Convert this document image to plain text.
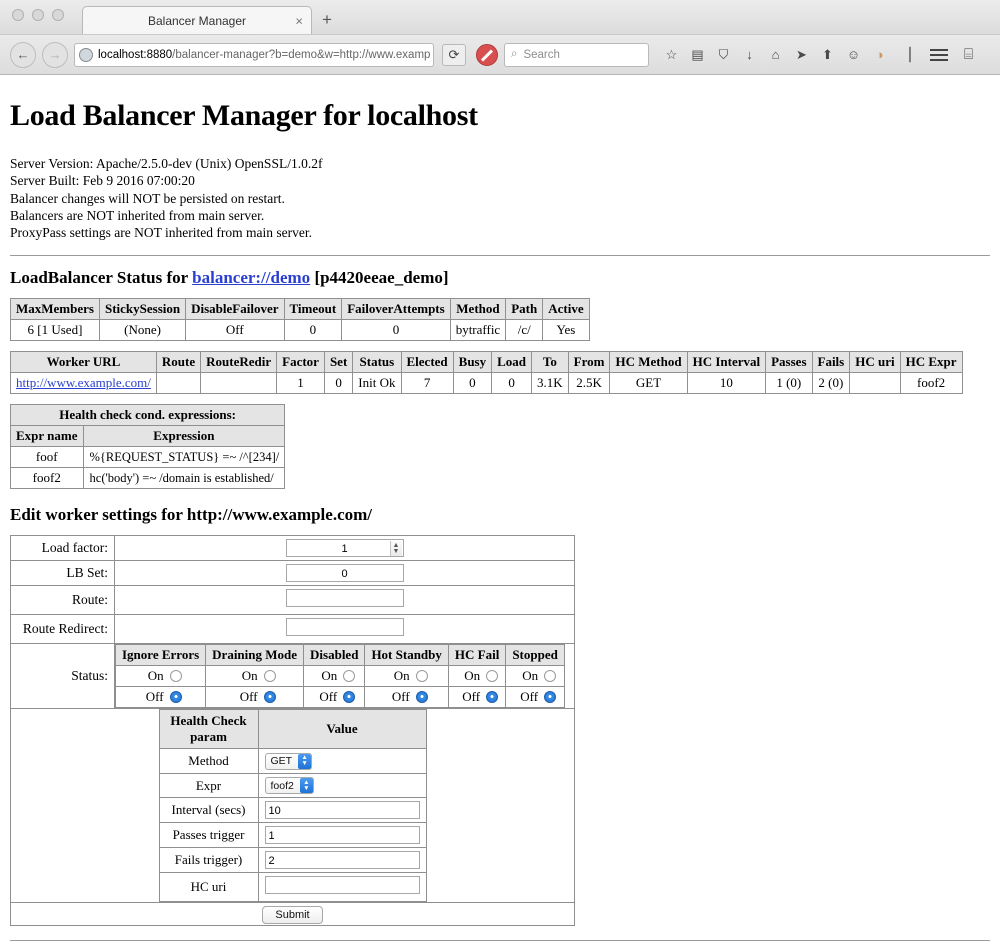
Balancer Manager	×	+
←	→	localhost:8880 /balancer-manager?b=demo&w=http://www.examp	⟳	⌕ Search	☆ ▤ ⛉	↓	⌂	➤ ⬆ ☺	◑	▕	⌸
Load Balancer Manager for localhost
Server Version: Apache/2.5.0-dev (Unix) OpenSSL/1.0.2f
Server Built: Feb 9 2016 07:00:20
Balancer changes will NOT be persisted on restart.
Balancers are NOT inherited from main server.
ProxyPass settings are NOT inherited from main server.
LoadBalancer Status for balancer://demo [p4420eeae_demo]
MaxMembers	StickySession	DisableFailover	Timeout	FailoverAttempts	Method	Path	Active
6 [1 Used]	(None)	Off	0	0	bytraffic	/c/	Yes
Worker URL	Route	RouteRedir	Factor	Set	Status	Elected	Busy	Load	To	From	HC Method	HC Interval	Passes	Fails	HC uri	HC Expr
http://www.example.com/			1	0	Init Ok	7	0	0	3.1K	2.5K	GET	10	1 (0)	2 (0)		foof2
Health check cond. expressions:	
Expr name	Expression
foof	%{REQUEST_STATUS} =~ /^[234]/
foof2	hc('body') =~ /domain is established/
Edit worker settings for http://www.example.com/
Load factor:	1	▲
▼

LB Set:	0
Route:	
Route Redirect:	
Status:	
Ignore Errors	Draining Mode	Disabled	Hot Standby	HC Fail	Stopped

On	On	On	On	On	On

Off	Off	Off	Off	Off	Off

Health Check param	Value
Method	GET	▲
▼

Expr	foof2	▲
▼

Interval (secs)	10
Passes trigger	1
Fails trigger)	2
HC uri	

Submit
